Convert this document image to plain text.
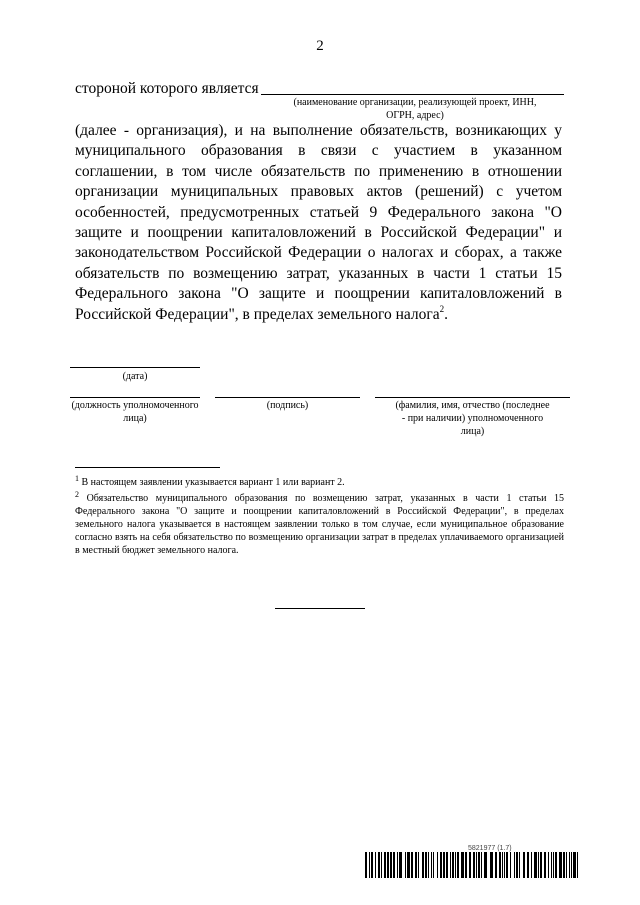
2
стороной которого является
(наименование организации, реализующей проект, ИНН, ОГРН, адрес)
(далее - организация), и на выполнение обязательств, возникающих у муниципального образования в связи с участием в указанном соглашении, в том числе обязательств по применению в отношении организации муниципальных правовых актов (решений) с учетом особенностей, предусмотренных статьей 9 Федерального закона "О защите и поощрении капиталовложений в Российской Федерации" и законодательством Российской Федерации о налогах и сборах, а также обязательств по возмещению затрат, указанных в части 1 статьи 15 Федерального закона "О защите и поощрении капиталовложений в Российской Федерации", в пределах земельного налога$^2$.
(дата)
(должность уполномоченного лица)
(подпись)	(фамилия, имя, отчество (последнее - при наличии) уполномоченного лица)

$^1$ В настоящем заявлении указывается вариант 1 или вариант 2.

$^2$ Обязательство муниципального образования по возмещению затрат, указанных в части 1 статьи 15 Федерального закона "О защите и поощрении капиталовложений в Российской Федерации", в пределах земельного налога указывается в настоящем заявлении только в том случае, если муниципальное образование согласно взять на себя обязательство по возмещению организации затрат в пределах уплачиваемого организацией в местный бюджет земельного налога.

5821977 (1.7)
